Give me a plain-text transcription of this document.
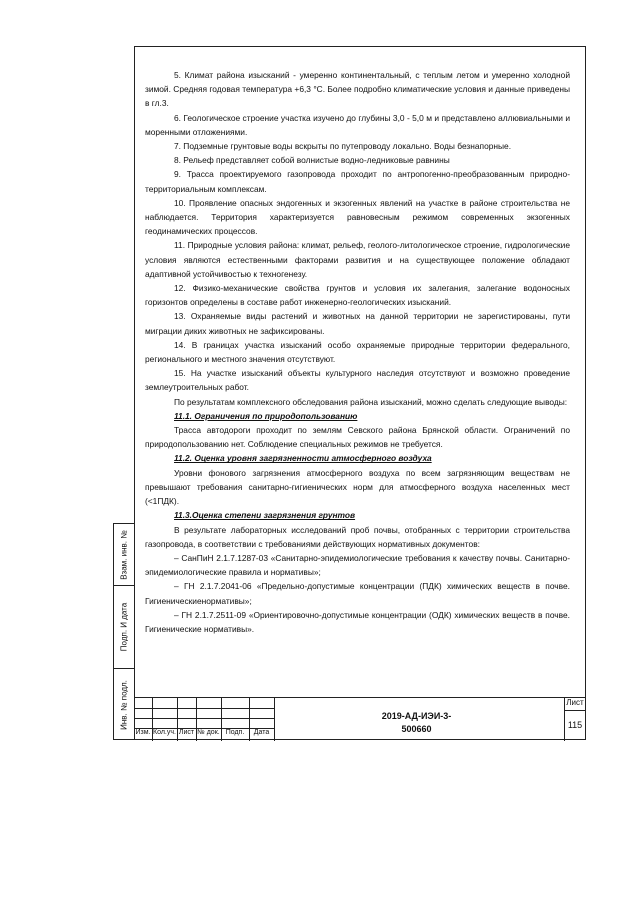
Взам. инв. №
Подп. И дата
Инв. № подл.

5. Климат района изысканий - умеренно континентальный, с теплым летом и умеренно холодной зимой. Средняя годовая температура +6,3 °С. Более подробно климатические условия и данные приведены в гл.3.

6. Геологическое строение участка изучено до глубины 3,0 - 5,0 м и представлено аллювиальными и моренными отложениями.

7. Подземные грунтовые воды вскрыты по путепроводу локально. Воды безнапорные.

8. Рельеф представляет собой волнистые водно-ледниковые равнины

9. Трасса проектируемого газопровода проходит по антропогенно-преобразованным природно-территориальным комплексам.

10. Проявление опасных эндогенных и экзогенных явлений на участке в районе строительства не наблюдается. Территория характеризуется равновесным режимом современных экзогенных геодинамических процессов.

11. Природные условия района: климат, рельеф, геолого-литологическое строение, гидрологические условия являются естественными факторами развития и на существующее положение обладают адаптивной устойчивостью к техногенезу.

12. Физико-механические свойства грунтов и условия их залегания, залегание водоносных горизонтов определены в составе работ инженерно-геологических изысканий.

13. Охраняемые виды растений и животных на данной территории не зарегистированы, пути миграции диких животных не зафиксированы.

14. В границах участка изысканий особо охраняемые природные территории федерального, регионального и местного значения отсутствуют.

15. На участке изысканий объекты культурного наследия отсутствуют и возможно проведение землеутроительных работ.

По результатам комплексного обследования района изысканий, можно сделать следующие выводы:

11.1. Ограничения по природопользованию

Трасса автодороги проходит по землям Севского района Брянской области. Ограничений по природопользованию нет. Соблюдение специальных режимов не требуется.

11.2. Оценка уровня загрязненности атмосферного воздуха

Уровни фонового загрязнения атмосферного воздуха по всем загрязняющим веществам не превышают требования санитарно-гигиенических норм для атмосферного воздуха населенных мест (<1ПДК).

11.3.Оценка степени загрязнения грунтов

В результате лабораторных исследований проб почвы, отобранных с территории строительства газопровода, в соответствии с требованиями действующих нормативных документов:

– СанПиН 2.1.7.1287-03 «Санитарно-эпидемиологические требования к качеству почвы. Санитарно-эпидемиологические правила и нормативы»;

– ГН 2.1.7.2041-06 «Предельно-допустимые концентрации (ПДК) химических веществ в почве. Гигиеническиенормативы»;

– ГН 2.1.7.2511-09 «Ориентировочно-допустимые концентрации (ОДК) химических веществ в почве. Гигиенические нормативы».

Изм. Кол.уч. Лист № док. Подп.	Дата
2019-АД-ИЭИ-3-
500660
Лист
115
